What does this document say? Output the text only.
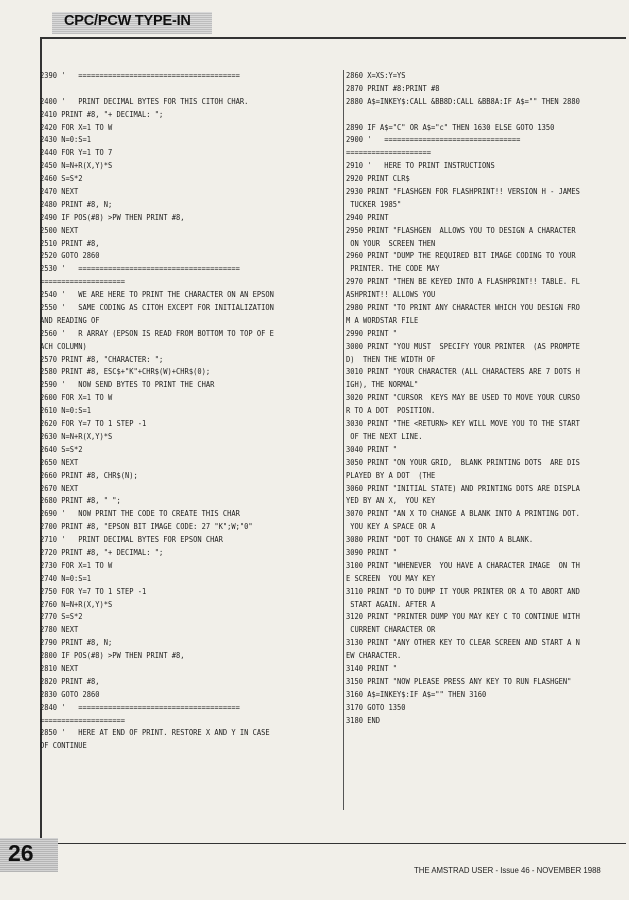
CPC/PCW TYPE-IN
2390 '   ======================================
2400 '   PRINT DECIMAL BYTES FOR THIS CITOH CHAR.
2410 PRINT #8, "+ DECIMAL: ";
2420 FOR X=1 TO W
2430 N=0:S=1
2440 FOR Y=1 TO 7
2450 N=N+R(X,Y)*S
2460 S=S*2
2470 NEXT
2480 PRINT #8, N;
2490 IF POS(#8) >PW THEN PRINT #8,
2500 NEXT
2510 PRINT #8,
2520 GOTO 2860
2530 '   ======================================
====================
2540 '   WE ARE HERE TO PRINT THE CHARACTER ON AN EPSON
2550 '   SAME CODING AS CITOH EXCEPT FOR INITIALIZATION
AND READING OF
2560 '   R ARRAY (EPSON IS READ FROM BOTTOM TO TOP OF E
ACH COLUMN)
2570 PRINT #8, "CHARACTER: ";
2580 PRINT #8, ESC$+"K"+CHR$(W)+CHR$(0);
2590 '   NOW SEND BYTES TO PRINT THE CHAR
2600 FOR X=1 TO W
2610 N=0:S=1
2620 FOR Y=7 TO 1 STEP -1
2630 N=N+R(X,Y)*S
2640 S=S*2
2650 NEXT
2660 PRINT #8, CHR$(N);
2670 NEXT
2680 PRINT #8, " ";
2690 '   NOW PRINT THE CODE TO CREATE THIS CHAR
2700 PRINT #8, "EPSON BIT IMAGE CODE: 27 "K";W;"0"
2710 '   PRINT DECIMAL BYTES FOR EPSON CHAR
2720 PRINT #8, "+ DECIMAL: ";
2730 FOR X=1 TO W
2740 N=0:S=1
2750 FOR Y=7 TO 1 STEP -1
2760 N=N+R(X,Y)*S
2770 S=S*2
2780 NEXT
2790 PRINT #8, N;
2800 IF POS(#8) >PW THEN PRINT #8,
2810 NEXT
2820 PRINT #8,
2830 GOTO 2860
2840 '   ======================================
====================
2850 '   HERE AT END OF PRINT. RESTORE X AND Y IN CASE
OF CONTINUE
2860 X=XS:Y=YS
2870 PRINT #8:PRINT #8
2880 A$=INKEY$:CALL &BB8D:CALL &BB8A:IF A$="" THEN 2880
2890 IF A$="C" OR A$="c" THEN 1630 ELSE GOTO 1350
2900 '   ================================
====================
2910 '   HERE TO PRINT INSTRUCTIONS
2920 PRINT CLR$
2930 PRINT "FLASHGEN FOR FLASHPRINT!! VERSION H - JAMES
TUCKER 1985"
2940 PRINT
2950 PRINT "FLASHGEN  ALLOWS YOU TO DESIGN A CHARACTER
ON YOUR  SCREEN THEN
2960 PRINT "DUMP THE REQUIRED BIT IMAGE CODING TO YOUR
PRINTER. THE CODE MAY
2970 PRINT "THEN BE KEYED INTO A FLASHPRINT!! TABLE. FL
ASHPRINT!! ALLOWS YOU
2980 PRINT "TO PRINT ANY CHARACTER WHICH YOU DESIGN FRO
M A WORDSTAR FILE
2990 PRINT "
3000 PRINT "YOU MUST  SPECIFY YOUR PRINTER  (AS PROMPTE
D)  THEN THE WIDTH OF
3010 PRINT "YOUR CHARACTER (ALL CHARACTERS ARE 7 DOTS H
IGH), THE NORMAL"
3020 PRINT "CURSOR  KEYS MAY BE USED TO MOVE YOUR CURSO
R TO A DOT  POSITION.
3030 PRINT "THE <RETURN> KEY WILL MOVE YOU TO THE START
OF THE NEXT LINE.
3040 PRINT "
3050 PRINT "ON YOUR GRID,  BLANK PRINTING DOTS  ARE DIS
PLAYED BY A DOT  (THE
3060 PRINT "INITIAL STATE) AND PRINTING DOTS ARE DISPLA
YED BY AN X,  YOU KEY
3070 PRINT "AN X TO CHANGE A BLANK INTO A PRINTING DOT.
YOU KEY A SPACE OR A
3080 PRINT "DOT TO CHANGE AN X INTO A BLANK.
3090 PRINT "
3100 PRINT "WHENEVER  YOU HAVE A CHARACTER IMAGE  ON TH
E SCREEN  YOU MAY KEY
3110 PRINT "D TO DUMP IT YOUR PRINTER OR A TO ABORT AND
START AGAIN. AFTER A
3120 PRINT "PRINTER DUMP YOU MAY KEY C TO CONTINUE WITH
CURRENT CHARACTER OR
3130 PRINT "ANY OTHER KEY TO CLEAR SCREEN AND START A N
EW CHARACTER.
3140 PRINT "
3150 PRINT "NOW PLEASE PRESS ANY KEY TO RUN FLASHGEN"
3160 A$=INKEY$:IF A$="" THEN 3160
3170 GOTO 1350
3180 END
26
THE AMSTRAD USER - Issue 46 - NOVEMBER 1988
